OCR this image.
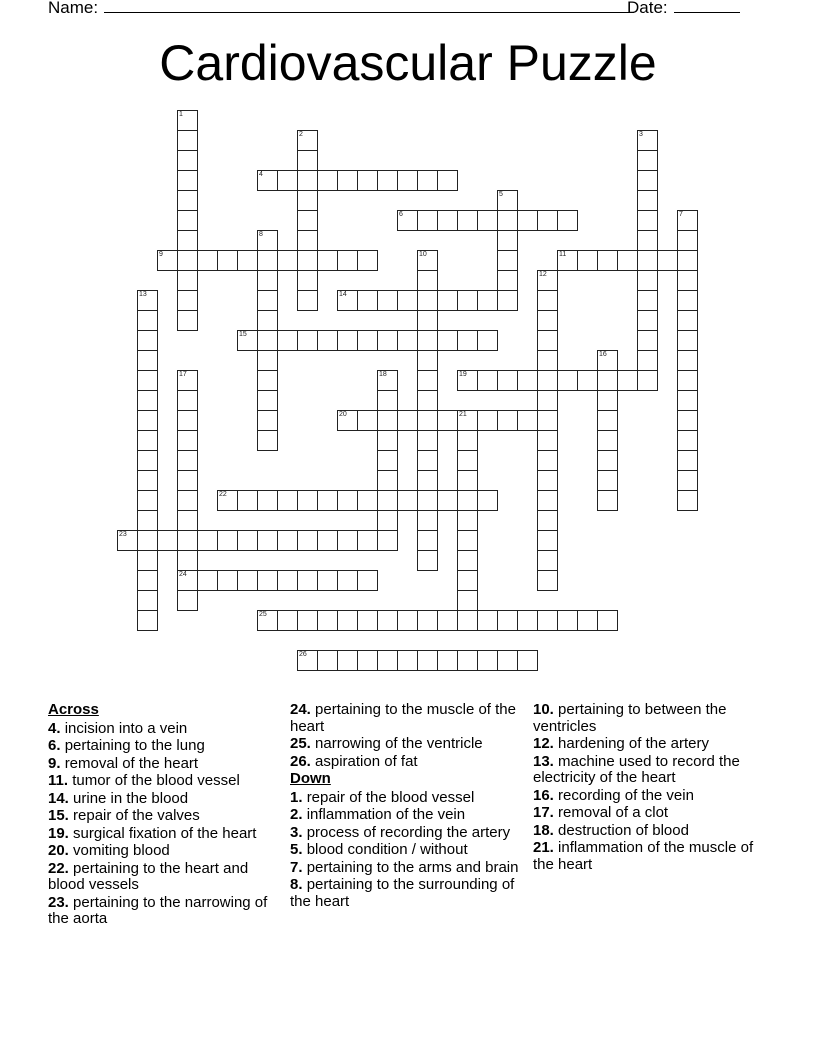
Name:	Date:
Cardiovascular Puzzle
1
2	3
4
5
6	7
8
9	10	11
12
13	14
15
16
17
24
18	19
20	21
22
23
25
26
Across
4. incision into a vein
6. pertaining to the lung
9. removal of the heart
11. tumor of the blood vessel
14. urine in the blood
15. repair of the valves
19. surgical fixation of the heart
20. vomiting blood
22. pertaining to the heart and blood vessels
23. pertaining to the narrowing of the aorta
24. pertaining to the muscle of the heart
25. narrowing of the ventricle
26. aspiration of fat
Down
1. repair of the blood vessel
2. inflammation of the vein
3. process of recording the artery
5. blood condition / without
7. pertaining to the arms and brain
8. pertaining to the surrounding of the heart
10. pertaining to between the ventricles
12. hardening of the artery
13. machine used to record the electricity of the heart
16. recording of the vein
17. removal of a clot
18. destruction of blood
21. inflammation of the muscle of the heart
